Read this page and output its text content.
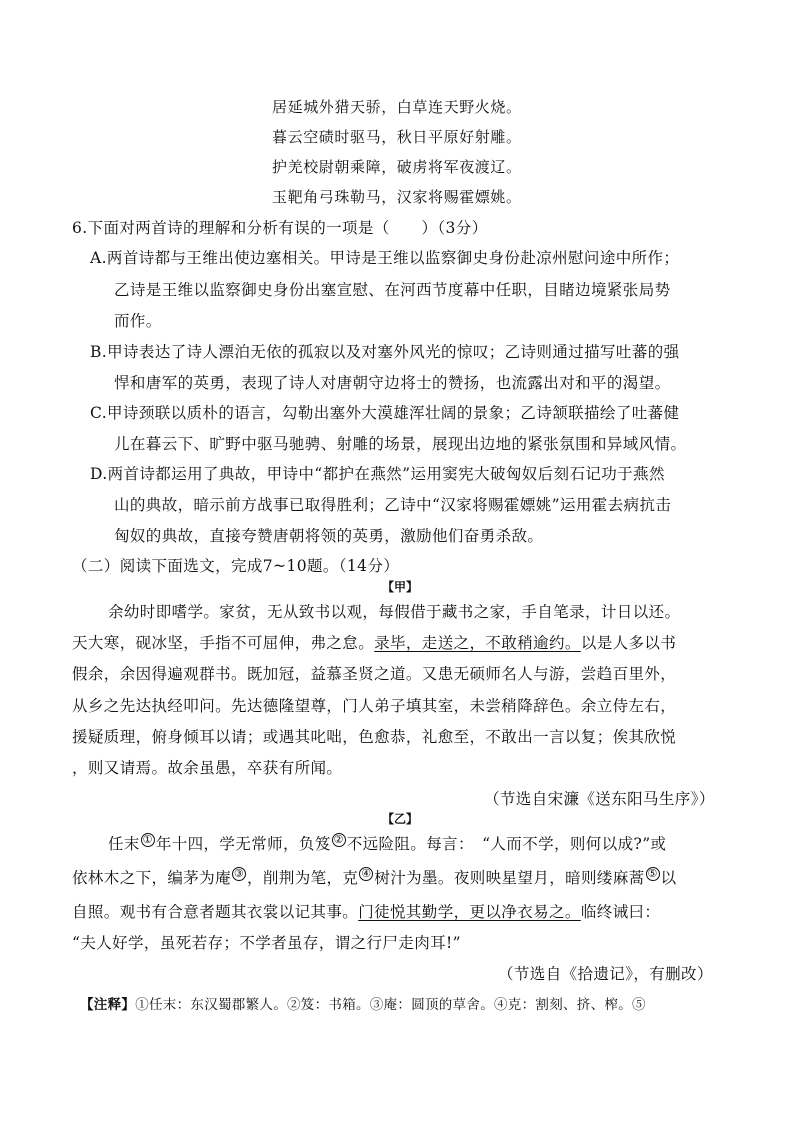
居延城外猎天骄，白草连天野火烧。
暮云空碛时驱马，秋日平原好射雕。
护羌校尉朝乘障，破虏将军夜渡辽。
玉靶角弓珠勒马，汉家将赐霍嫖姚。
6.下面对两首诗的理解和分析有误的一项是（　　）（3分）
A.两首诗都与王维出使边塞相关。甲诗是王维以监察御史身份赴凉州慰问途中所作；
乙诗是王维以监察御史身份出塞宣慰、在河西节度幕中任职，目睹边境紧张局势
而作。
B.甲诗表达了诗人漂泊无依的孤寂以及对塞外风光的惊叹；乙诗则通过描写吐蕃的强
悍和唐军的英勇，表现了诗人对唐朝守边将士的赞扬，也流露出对和平的渴望。
C.甲诗颈联以质朴的语言，勾勒出塞外大漠雄浑壮阔的景象；乙诗颔联描绘了吐蕃健
儿在暮云下、旷野中驱马驰骋、射雕的场景，展现出边地的紧张氛围和异域风情。
D.两首诗都运用了典故，甲诗中“都护在燕然”运用窦宪大破匈奴后刻石记功于燕然
山的典故，暗示前方战事已取得胜利；乙诗中“汉家将赐霍嫖姚”运用霍去病抗击
匈奴的典故，直接夸赞唐朝将领的英勇，激励他们奋勇杀敌。
（二）阅读下面选文，完成7~10题。（14分）
【甲】
余幼时即嗜学。家贫，无从致书以观，每假借于藏书之家，手自笔录，计日以还。
天大寒，砚冰坚，手指不可屈伸，弗之怠。录毕，走送之，不敢稍逾约。以是人多以书
假余，余因得遍观群书。既加冠，益慕圣贤之道。又患无硕师名人与游，尝趋百里外，
从乡之先达执经叩问。先达德隆望尊，门人弟子填其室，未尝稍降辞色。余立侍左右，
援疑质理，俯身倾耳以请；或遇其叱咄，色愈恭，礼愈至，不敢出一言以复；俟其欣悦
，则又请焉。故余虽愚，卒获有所闻。
（节选自宋濂《送东阳马生序》）
【乙】
任末 ① 年十四，学无常师，负笈 ② 不远险阻。每言：　“人而不学，则何以成?”或
依林木之下，编茅为庵 ③ ，削荆为笔，克 ④ 树汁为墨。夜则映星望月，暗则缕麻蒿 ⑤ 以
自照。观书有合意者题其衣裳以记其事。门徒悦其勤学，更以净衣易之。临终诫曰：
“夫人好学，虽死若存；不学者虽存，谓之行尸走肉耳!”
（节选自《拾遗记》，有删改）
【注释】①任末：东汉蜀郡繁人。②笈：书箱。③庵：圆顶的草舍。④克：割刻、挤、榨。⑤
